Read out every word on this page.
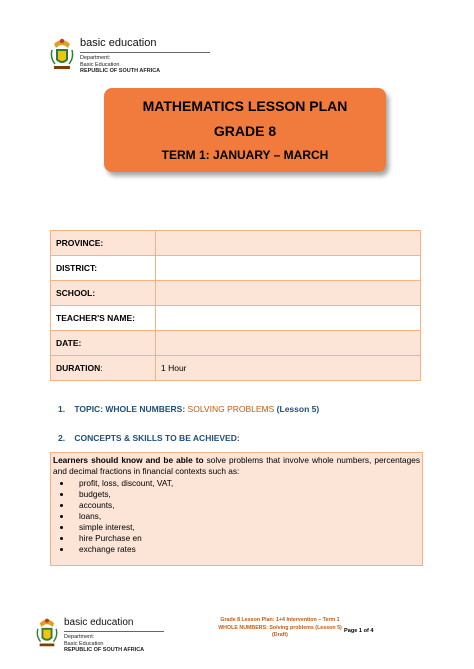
basic education
Department:
Basic Education
REPUBLIC OF SOUTH AFRICA
MATHEMATICS LESSON PLAN
GRADE 8
TERM 1: JANUARY – MARCH
PROVINCE:	
DISTRICT:	
SCHOOL:	
TEACHER'S NAME:	
DATE:	
DURATION:	1 Hour
1. TOPIC: WHOLE NUMBERS: SOLVING PROBLEMS (Lesson 5)
2. CONCEPTS & SKILLS TO BE ACHIEVED:

Learners should know and be able to solve problems that involve whole numbers, percentages and decimal fractions in financial contexts such as:

profit, loss, discount, VAT,
budgets,
accounts,
loans,
simple interest,
hire Purchase en
exchange rates
basic education
Department:
Basic Education
REPUBLIC OF SOUTH AFRICA
Grade 8 Lesson Plan: 1+4 Intervention – Term 1
WHOLE NUMBERS: Solving problems (Lesson 5)
(Draft)
Page 1 of 4
